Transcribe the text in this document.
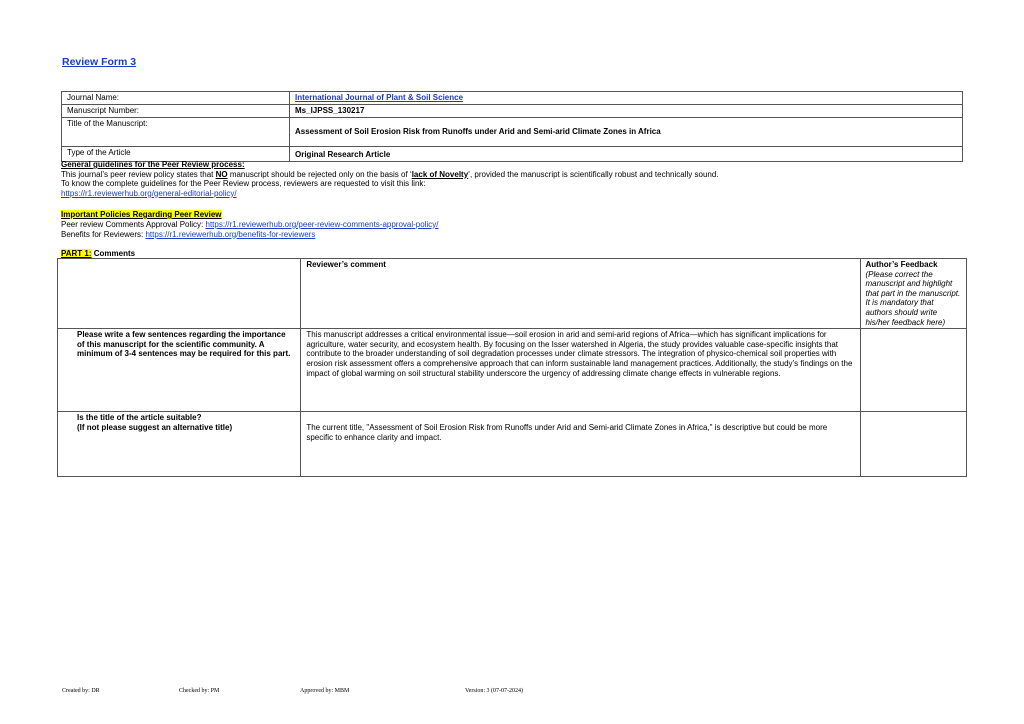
Review Form 3
Journal Name:	International Journal of Plant & Soil Science
Manuscript Number:	Ms_IJPSS_130217
Title of the Manuscript:	Assessment of Soil Erosion Risk from Runoffs under Arid and Semi-arid Climate Zones in Africa
Type of the Article	Original Research Article
General guidelines for the Peer Review process:
This journal’s peer review policy states that NO manuscript should be rejected only on the basis of ‘lack of Novelty’, provided the manuscript is scientifically robust and technically sound.
To know the complete guidelines for the Peer Review process, reviewers are requested to visit this link:
https://r1.reviewerhub.org/general-editorial-policy/
Important Policies Regarding Peer Review
Peer review Comments Approval Policy: https://r1.reviewerhub.org/peer-review-comments-approval-policy/
Benefits for Reviewers: https://r1.reviewerhub.org/benefits-for-reviewers
PART 1: Comments
	Reviewer’s comment	Author’s Feedback
(Please correct the manuscript and highlight that part in the manuscript. It is mandatory that authors should write his/her feedback here)

Please write a few sentences regarding the importance of this manuscript for the scientific community. A minimum of 3-4 sentences may be required for this part.	This manuscript addresses a critical environmental issue—soil erosion in arid and semi-arid regions of Africa—which has significant implications for agriculture, water security, and ecosystem health. By focusing on the Isser watershed in Algeria, the study provides valuable case-specific insights that contribute to the broader understanding of soil degradation processes under climate stressors. The integration of physico-chemical soil properties with erosion risk assessment offers a comprehensive approach that can inform sustainable land management practices. Additionally, the study’s findings on the impact of global warming on soil structural stability underscore the urgency of addressing climate change effects in vulnerable regions.	
Is the title of the article suitable?
(If not please suggest an alternative title)	The current title, "Assessment of Soil Erosion Risk from Runoffs under Arid and Semi-arid Climate Zones in Africa," is descriptive but could be more specific to enhance clarity and impact.	

Created by: DR	Checked by: PM	Approved by: MBM	Version: 3 (07-07-2024)
